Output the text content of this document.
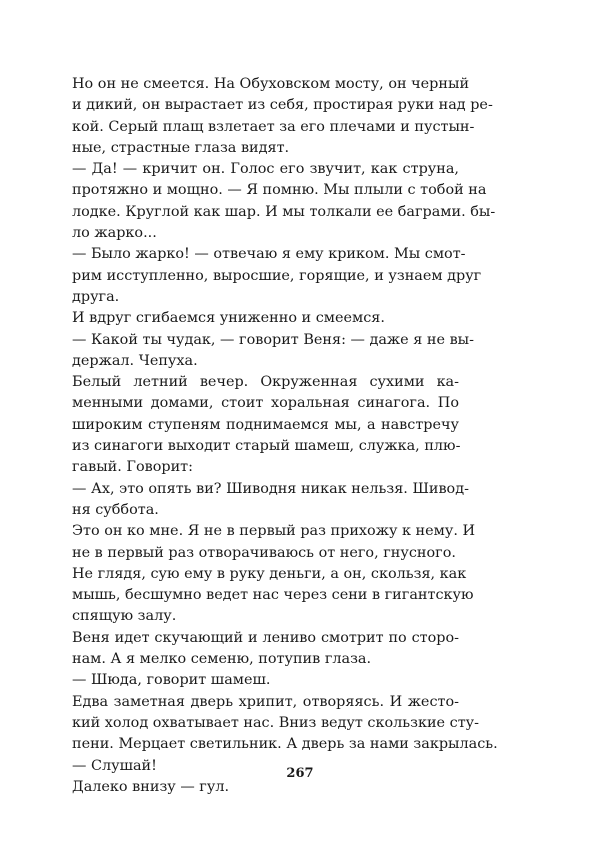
Но он не смеется. На Обуховском мосту, он черный
и дикий, он вырастает из себя, простирая руки над ре-
кой. Серый плащ взлетает за его плечами и пустын-
ные, страстные глаза видят.

— Да! — кричит он. Голос его звучит, как струна,
протяжно и мощно. — Я помню. Мы плыли с тобой на
лодке. Круглой как шар. И мы толкали ее баграми. бы-
ло жарко...

— Было жарко! — отвечаю я ему криком. Мы смот-
рим исступленно, выросшие, горящие, и узнаем друг
друга.

И вдруг сгибаемся униженно и смеемся.

— Какой ты чудак, — говорит Веня: — даже я не вы-
держал. Чепуха.

Белый летний вечер. Окруженная сухими ка-
менными домами, стоит хоральная синагога. По
широким ступеням поднимаемся мы, а навстречу
из синагоги выходит старый шамеш, служка, плю-
гавый. Говорит:

— Ах, это опять ви? Шиводня никак нельзя. Шивод-
ня суббота.

Это он ко мне. Я не в первый раз прихожу к нему. И
не в первый раз отворачиваюсь от него, гнусного.

Не глядя, сую ему в руку деньги, а он, скользя, как
мышь, бесшумно ведет нас через сени в гигантскую
спящую залу.

Веня идет скучающий и лениво смотрит по сторо-
нам. А я мелко семеню, потупив глаза.

— Шюда, говорит шамеш.

Едва заметная дверь хрипит, отворяясь. И жесто-
кий холод охватывает нас. Вниз ведут скользкие сту-
пени. Мерцает светильник. А дверь за нами закрылась.

— Слушай!

Далеко внизу — гул.

267
